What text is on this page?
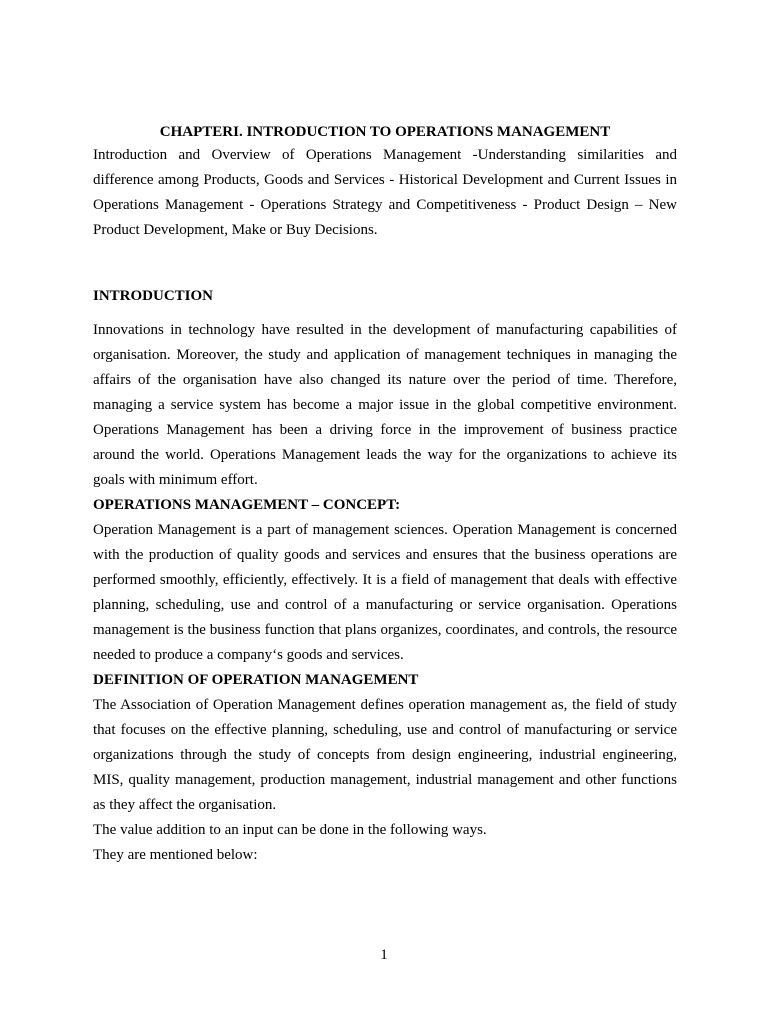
CHAPTERI. INTRODUCTION TO OPERATIONS MANAGEMENT

Introduction and Overview of Operations Management -Understanding similarities and difference among Products, Goods and Services - Historical Development and Current Issues in Operations Management - Operations Strategy and Competitiveness - Product Design – New Product Development, Make or Buy Decisions.

INTRODUCTION

Innovations in technology have resulted in the development of manufacturing capabilities of organisation. Moreover, the study and application of management techniques in managing the affairs of the organisation have also changed its nature over the period of time. Therefore, managing a service system has become a major issue in the global competitive environment. Operations Management has been a driving force in the improvement of business practice around the world. Operations Management leads the way for the organizations to achieve its goals with minimum effort.

OPERATIONS MANAGEMENT – CONCEPT:

Operation Management is a part of management sciences. Operation Management is concerned with the production of quality goods and services and ensures that the business operations are performed smoothly, efficiently, effectively. It is a field of management that deals with effective planning, scheduling, use and control of a manufacturing or service organisation. Operations management is the business function that plans organizes, coordinates, and controls, the resource needed to produce a company‘s goods and services.

DEFINITION OF OPERATION MANAGEMENT

The Association of Operation Management defines operation management as, the field of study that focuses on the effective planning, scheduling, use and control of manufacturing or service organizations through the study of concepts from design engineering, industrial engineering, MIS, quality management, production management, industrial management and other functions as they affect the organisation.

The value addition to an input can be done in the following ways.

They are mentioned below:

1
